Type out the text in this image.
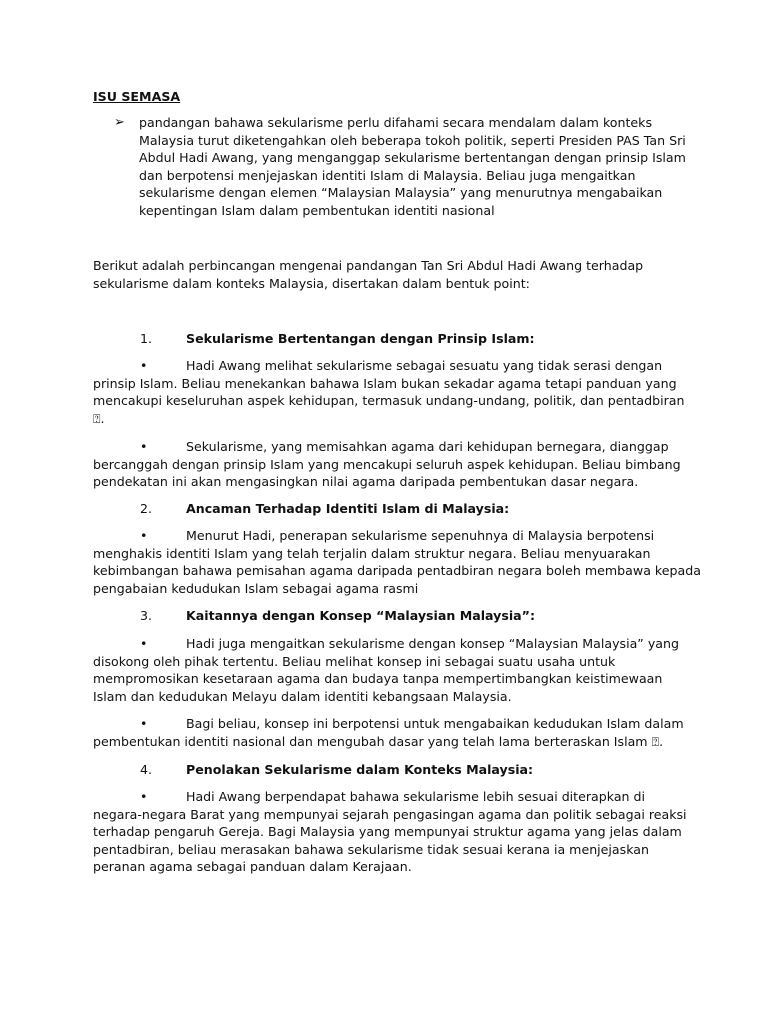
ISU SEMASA
➢ pandangan bahawa sekularisme perlu difahami secara mendalam dalam konteks
Malaysia turut diketengahkan oleh beberapa tokoh politik, seperti Presiden PAS Tan Sri
Abdul Hadi Awang, yang menganggap sekularisme bertentangan dengan prinsip Islam
dan berpotensi menjejaskan identiti Islam di Malaysia. Beliau juga mengaitkan
sekularisme dengan elemen “Malaysian Malaysia” yang menurutnya mengabaikan
kepentingan Islam dalam pembentukan identiti nasional
Berikut adalah perbincangan mengenai pandangan Tan Sri Abdul Hadi Awang terhadap
sekularisme dalam konteks Malaysia, disertakan dalam bentuk point:
1.	Sekularisme Bertentangan dengan Prinsip Islam:
•	Hadi Awang melihat sekularisme sebagai sesuatu yang tidak serasi dengan
prinsip Islam. Beliau menekankan bahawa Islam bukan sekadar agama tetapi panduan yang
mencakupi keseluruhan aspek kehidupan, termasuk undang-undang, politik, dan pentadbiran
⍰.
•	Sekularisme, yang memisahkan agama dari kehidupan bernegara, dianggap
bercanggah dengan prinsip Islam yang mencakupi seluruh aspek kehidupan. Beliau bimbang
pendekatan ini akan mengasingkan nilai agama daripada pembentukan dasar negara.
2.	Ancaman Terhadap Identiti Islam di Malaysia:
•	Menurut Hadi, penerapan sekularisme sepenuhnya di Malaysia berpotensi
menghakis identiti Islam yang telah terjalin dalam struktur negara. Beliau menyuarakan
kebimbangan bahawa pemisahan agama daripada pentadbiran negara boleh membawa kepada
pengabaian kedudukan Islam sebagai agama rasmi
3.	Kaitannya dengan Konsep “Malaysian Malaysia”:
•	Hadi juga mengaitkan sekularisme dengan konsep “Malaysian Malaysia” yang
disokong oleh pihak tertentu. Beliau melihat konsep ini sebagai suatu usaha untuk
mempromosikan kesetaraan agama dan budaya tanpa mempertimbangkan keistimewaan
Islam dan kedudukan Melayu dalam identiti kebangsaan Malaysia.
•	Bagi beliau, konsep ini berpotensi untuk mengabaikan kedudukan Islam dalam
pembentukan identiti nasional dan mengubah dasar yang telah lama berteraskan Islam ⍰.
4.	Penolakan Sekularisme dalam Konteks Malaysia:
•	Hadi Awang berpendapat bahawa sekularisme lebih sesuai diterapkan di
negara-negara Barat yang mempunyai sejarah pengasingan agama dan politik sebagai reaksi
terhadap pengaruh Gereja. Bagi Malaysia yang mempunyai struktur agama yang jelas dalam
pentadbiran, beliau merasakan bahawa sekularisme tidak sesuai kerana ia menjejaskan
peranan agama sebagai panduan dalam Kerajaan.
